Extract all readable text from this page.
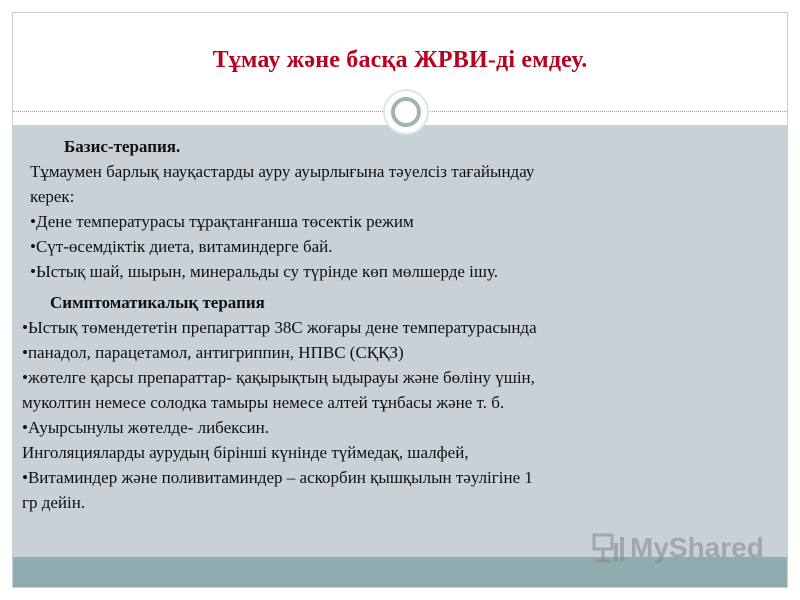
Тұмау және басқа ЖРВИ-ді емдеу.
Базис-терапия.
Тұмаумен барлық науқастарды ауру ауырлығына тәуелсіз тағайындау
керек:
•Дене температурасы тұрақтанғанша төсектік режим
•Сүт-өсемдіктік диета, витаминдерге бай.
•Ыстық шай, шырын, минеральды су түрінде көп мөлшерде ішу.
Симптоматикалық терапия
•Ыстық төмендететін препараттар 38С жоғары дене температурасында
•панадол, парацетамол, антигриппин, НПВС (СҚҚЗ)
•жөтелге қарсы препараттар- қақырықтың ыдырауы және бөліну үшін,
муколтин немесе солодка тамыры немесе алтей тұнбасы және т. б.
•Ауырсынулы жөтелде- либексин.
Инголяцияларды аурудың бірінші күнінде түймедақ, шалфей,
•Витаминдер және поливитаминдер – аскорбин қышқылын тәулігіне 1
гр дейін.
MyShared
